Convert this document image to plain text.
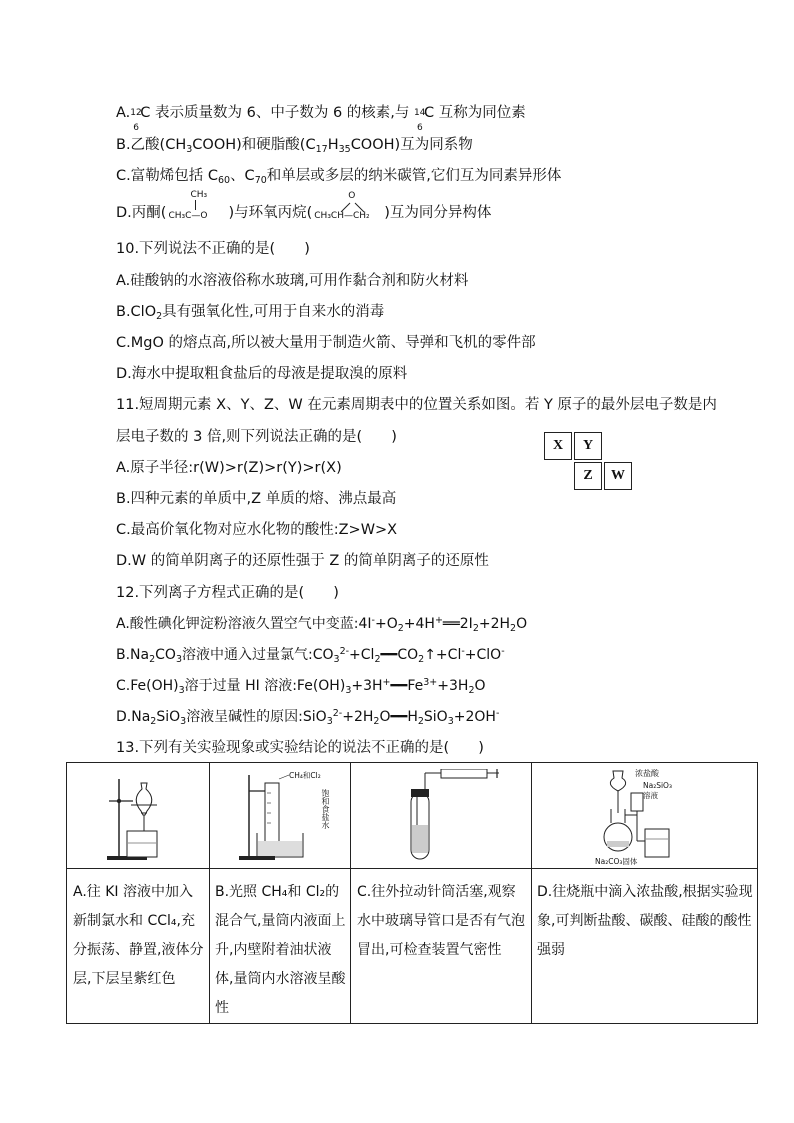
A. 12
6
C 表示质量数为 6、中子数为 6 的核素,与 14
6
C 互称为同位素
B.乙酸$(CH_3COOH)$和硬脂酸$(C_{17}H_{35}COOH)$互为同系物
C.富勒烯包括 $C_{60}$、$C_{70}$和单层或多层的纳米碳管,它们互为同素异形体
D.丙酮(
CH₃
CH₃C—O )与环氧丙烷(
O
CH₃CH—CH₂ )互为同分异构体
10.下列说法不正确的是(　　)
A.硅酸钠的水溶液俗称水玻璃,可用作黏合剂和防火材料
B.ClO$_2$具有强氧化性,可用于自来水的消毒
C.MgO 的熔点高,所以被大量用于制造火箭、导弹和飞机的零件部
D.海水中提取粗食盐后的母液是提取溴的原料
11.短周期元素 X、Y、Z、W 在元素周期表中的位置关系如图。若 Y 原子的最外层电子数是内
层电子数的 3 倍,则下列说法正确的是(　　)
A.原子半径:r(W)>r(Z)>r(Y)>r(X)
B.四种元素的单质中,Z 单质的熔、沸点最高
C.最高价氧化物对应水化物的酸性:Z>W>X
D.W 的简单阴离子的还原性强于 Z 的简单阴离子的还原性
X	Y
Z	W
12.下列离子方程式正确的是(　　)
A.酸性碘化钾淀粉溶液久置空气中变蓝$:4I^-+O_2+4H^+══2I_2+2H_2O$
$B.Na_2CO_3$溶液中通入过量氯气$:CO_3^{2-}+Cl_2━━CO_2↑+Cl^-+ClO^-$
$C.Fe(OH)_3$溶于过量 HI 溶液$:Fe(OH)_3+3H^+━━Fe^{3+}+3H_2O$
$D.Na_2SiO_3$溶液呈碱性的原因$:SiO_3^{2-}+2H_2O━━H_2SiO_3+2OH^-$
13.下列有关实验现象或实验结论的说法不正确的是(　　)
CH₄和Cl₂
饱和食盐水
浓盐酸
Na₂SiO₃
溶液
Na₂CO₃固体
A.往 KI 溶液中加入新制氯水和 CCl₄,充分振荡、静置,液体分层,下层呈紫红色
B.光照 CH₄和 Cl₂的混合气,量筒内液面上升,内壁附着油状液体,量筒内水溶液呈酸性
C.往外拉动针筒活塞,观察水中玻璃导管口是否有气泡冒出,可检查装置气密性
D.往烧瓶中滴入浓盐酸,根据实验现象,可判断盐酸、碳酸、硅酸的酸性强弱
